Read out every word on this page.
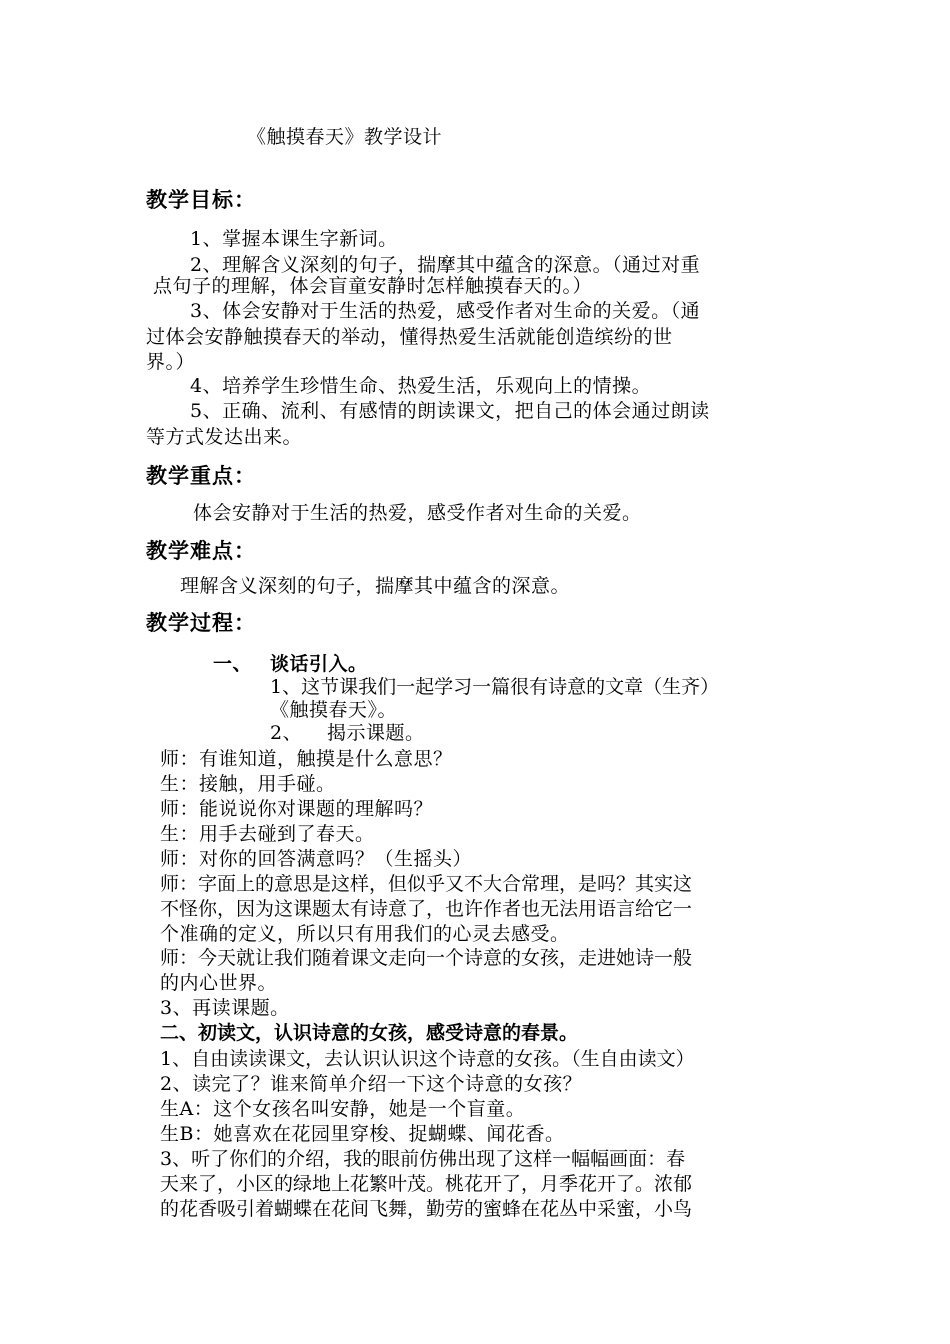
《触摸春天》教学设计
教学目标：
1、掌握本课生字新词。
2、理解含义深刻的句子，揣摩其中蕴含的深意。（通过对重
点句子的理解，体会盲童安静时怎样触摸春天的。）
3、体会安静对于生活的热爱，感受作者对生命的关爱。（通
过体会安静触摸春天的举动，懂得热爱生活就能创造缤纷的世
界。）
4、培养学生珍惜生命、热爱生活，乐观向上的情操。
5、正确、流利、有感情的朗读课文，把自己的体会通过朗读
等方式发达出来。
教学重点：
体会安静对于生活的热爱，感受作者对生命的关爱。
教学难点：
理解含义深刻的句子，揣摩其中蕴含的深意。
教学过程：
一、 谈话引入。
1、这节课我们一起学习一篇很有诗意的文章（生齐）
《触摸春天》。
2、 揭示课题。
师：有谁知道，触摸是什么意思？
生：接触，用手碰。
师：能说说你对课题的理解吗？
生：用手去碰到了春天。
师：对你的回答满意吗？（生摇头）
师：字面上的意思是这样，但似乎又不大合常理，是吗？其实这
不怪你，因为这课题太有诗意了，也许作者也无法用语言给它一
个准确的定义，所以只有用我们的心灵去感受。
师：今天就让我们随着课文走向一个诗意的女孩，走进她诗一般
的内心世界。
3、再读课题。
二、初读文，认识诗意的女孩，感受诗意的春景。
1、自由读读课文，去认识认识这个诗意的女孩。（生自由读文）
2、读完了？谁来简单介绍一下这个诗意的女孩？
生A：这个女孩名叫安静，她是一个盲童。
生B：她喜欢在花园里穿梭、捉蝴蝶、闻花香。
3、听了你们的介绍，我的眼前仿佛出现了这样一幅幅画面：春
天来了，小区的绿地上花繁叶茂。桃花开了，月季花开了。浓郁
的花香吸引着蝴蝶在花间飞舞，勤劳的蜜蜂在花丛中采蜜，小鸟
